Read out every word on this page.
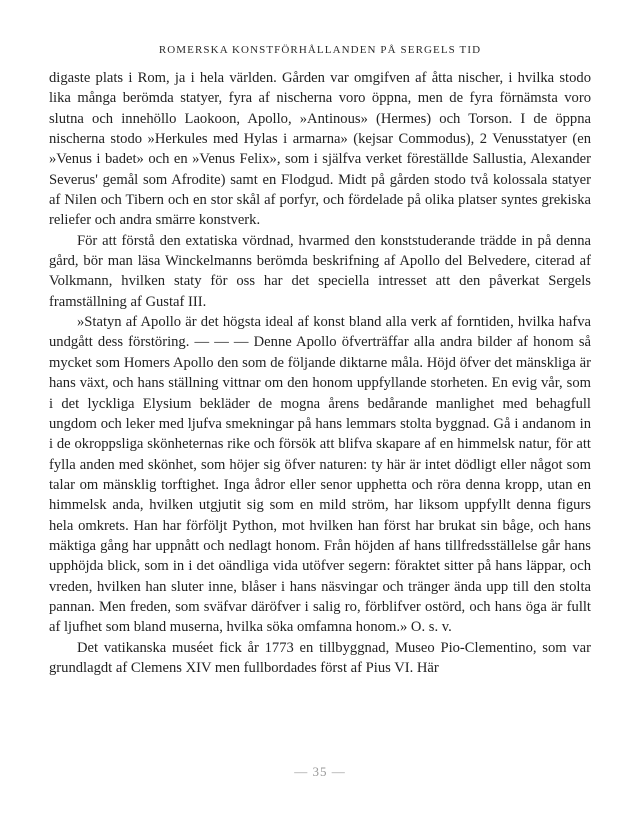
ROMERSKA KONSTFÖRHÅLLANDEN PÅ SERGELS TID

digaste plats i Rom, ja i hela världen. Gården var omgifven af åtta nischer, i hvilka stodo lika många berömda statyer, fyra af nischerna voro öppna, men de fyra förnämsta voro slutna och innehöllo Laokoon, Apollo, »Antinous» (Hermes) och Torson. I de öppna nischerna stodo »Herkules med Hylas i armarna» (kejsar Commodus), 2 Venusstatyer (en »Venus i badet» och en »Venus Felix», som i själfva verket föreställde Sallustia, Alexander Severus' gemål som Afrodite) samt en Flodgud. Midt på gården stodo två kolossala statyer af Nilen och Tibern och en stor skål af porfyr, och fördelade på olika platser syntes grekiska reliefer och andra smärre konstverk.

För att förstå den extatiska vördnad, hvarmed den konststuderande trädde in på denna gård, bör man läsa Winckelmanns berömda beskrifning af Apollo del Belvedere, citerad af Volkmann, hvilken staty för oss har det speciella intresset att den påverkat Sergels framställning af Gustaf III.

»Statyn af Apollo är det högsta ideal af konst bland alla verk af forntiden, hvilka hafva undgått dess förstöring. — — — Denne Apollo öfverträffar alla andra bilder af honom så mycket som Homers Apollo den som de följande diktarne måla. Höjd öfver det mänskliga är hans växt, och hans ställning vittnar om den honom uppfyllande storheten. En evig vår, som i det lyckliga Elysium bekläder de mogna årens bedårande manlighet med behagfull ungdom och leker med ljufva smekningar på hans lemmars stolta byggnad. Gå i andanom in i de okroppsliga skönheternas rike och försök att blifva skapare af en himmelsk natur, för att fylla anden med skönhet, som höjer sig öfver naturen: ty här är intet dödligt eller något som talar om mänsklig torftighet. Inga ådror eller senor upphetta och röra denna kropp, utan en himmelsk anda, hvilken utgjutit sig som en mild ström, har liksom uppfyllt denna figurs hela omkrets. Han har förföljt Python, mot hvilken han först har brukat sin båge, och hans mäktiga gång har uppnått och nedlagt honom. Från höjden af hans tillfredsställelse går hans upphöjda blick, som in i det oändliga vida utöfver segern: föraktet sitter på hans läppar, och vreden, hvilken han sluter inne, blåser i hans näsvingar och tränger ända upp till den stolta pannan. Men freden, som sväfvar däröfver i salig ro, förblifver ostörd, och hans öga är fullt af ljufhet som bland muserna, hvilka söka omfamna honom.» O. s. v.

Det vatikanska muséet fick år 1773 en tillbyggnad, Museo Pio-Clementino, som var grundlagdt af Clemens XIV men fullbordades först af Pius VI. Här

— 35 —
